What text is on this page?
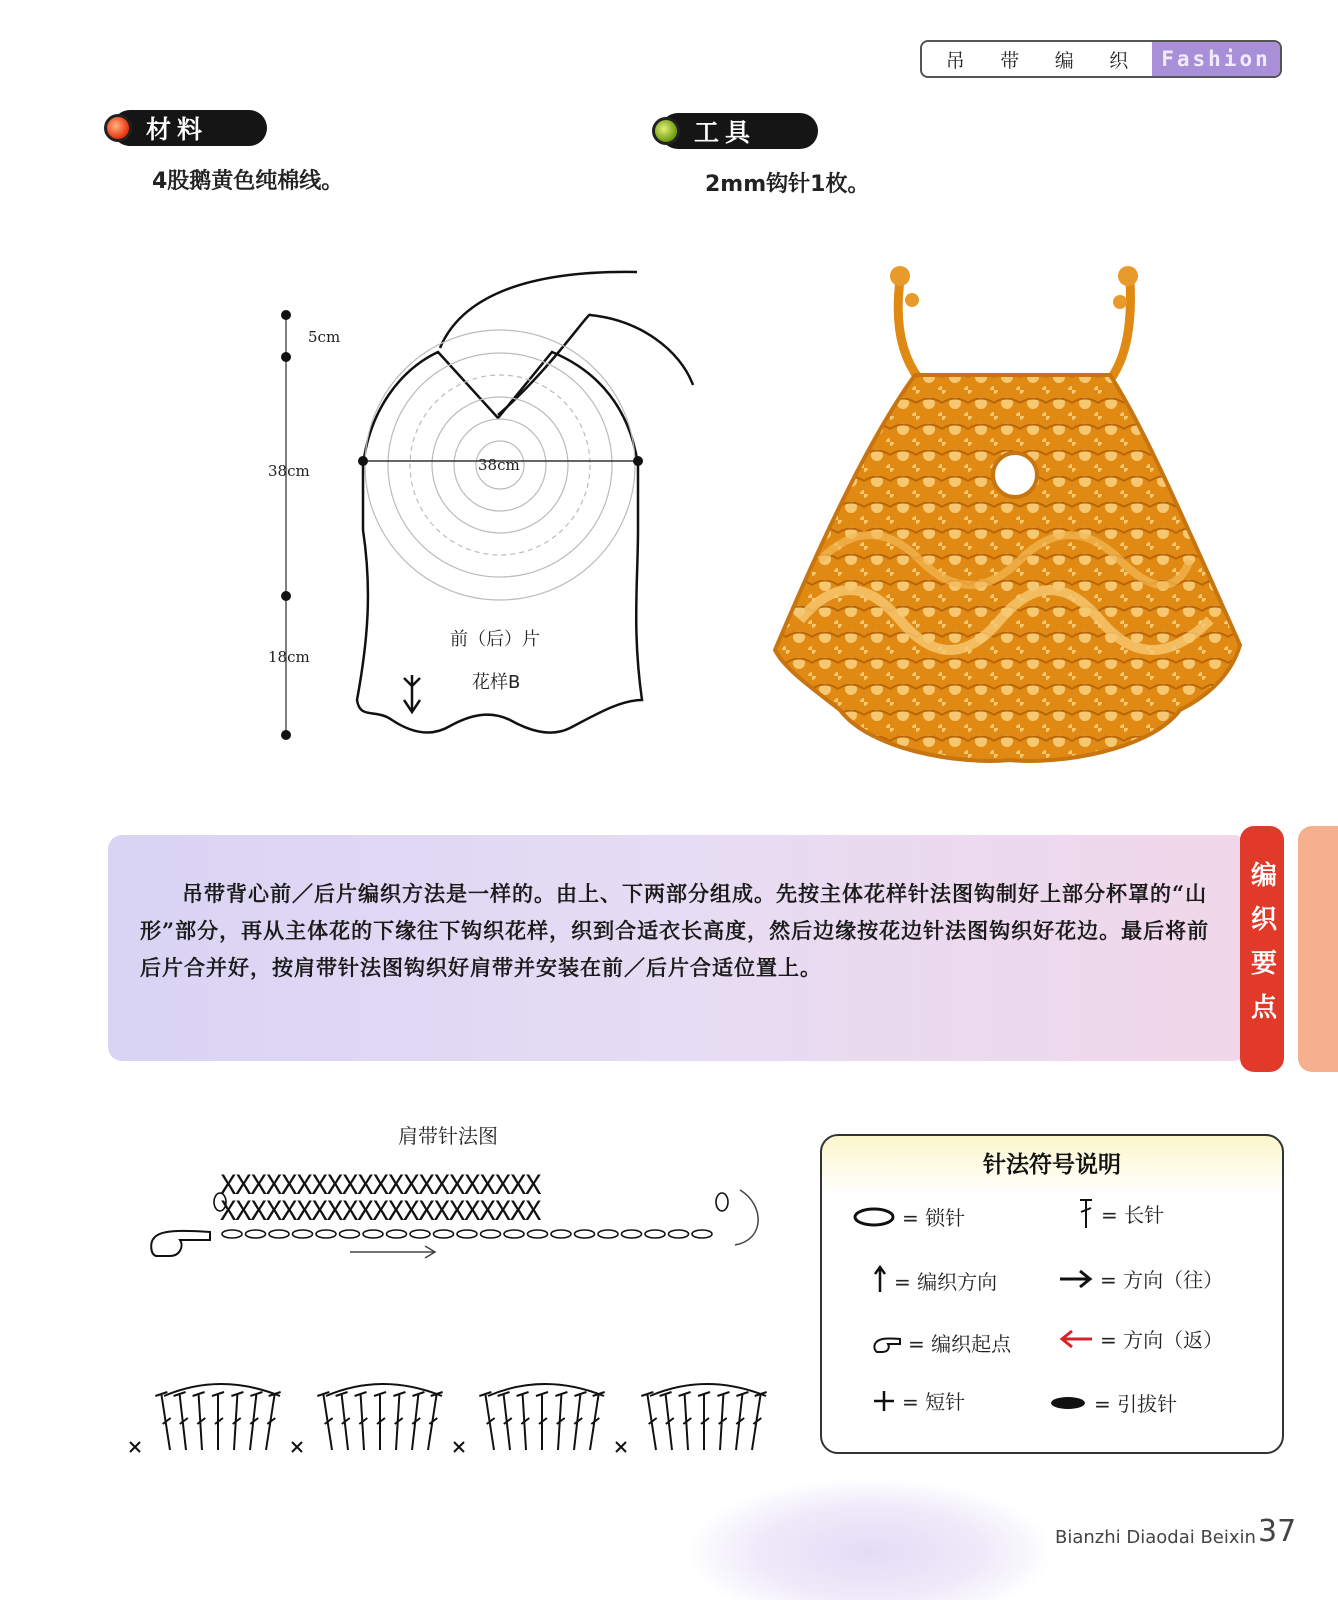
吊 带 编 织	Fashion
材料
4股鹅黄色纯棉线。
工具
2mm钩针1枚。
38cm
5cm
38cm
18cm
前（后）片
花样B

吊带背心前／后片编织方法是一样的。由上、下两部分组成。先按主体花样针法图钩制好上部分杯罩的“山形”部分，再从主体花的下缘往下钩织花样，织到合适衣长高度，然后边缘按花边针法图钩织好花边。最后将前后片合并好，按肩带针法图钩织好肩带并安装在前／后片合适位置上。	编织要点
肩带针法图
XXXXXXXXXXXXXXXXXXXXX
XXXXXXXXXXXXXXXXXXXXX
针法符号说明
= 锁针	= 长针
= 编织方向	= 方向（往）
= 编织起点	= 方向（返）
= 短针	= 引拔针
Bianzhi Diaodai Beixin 37
